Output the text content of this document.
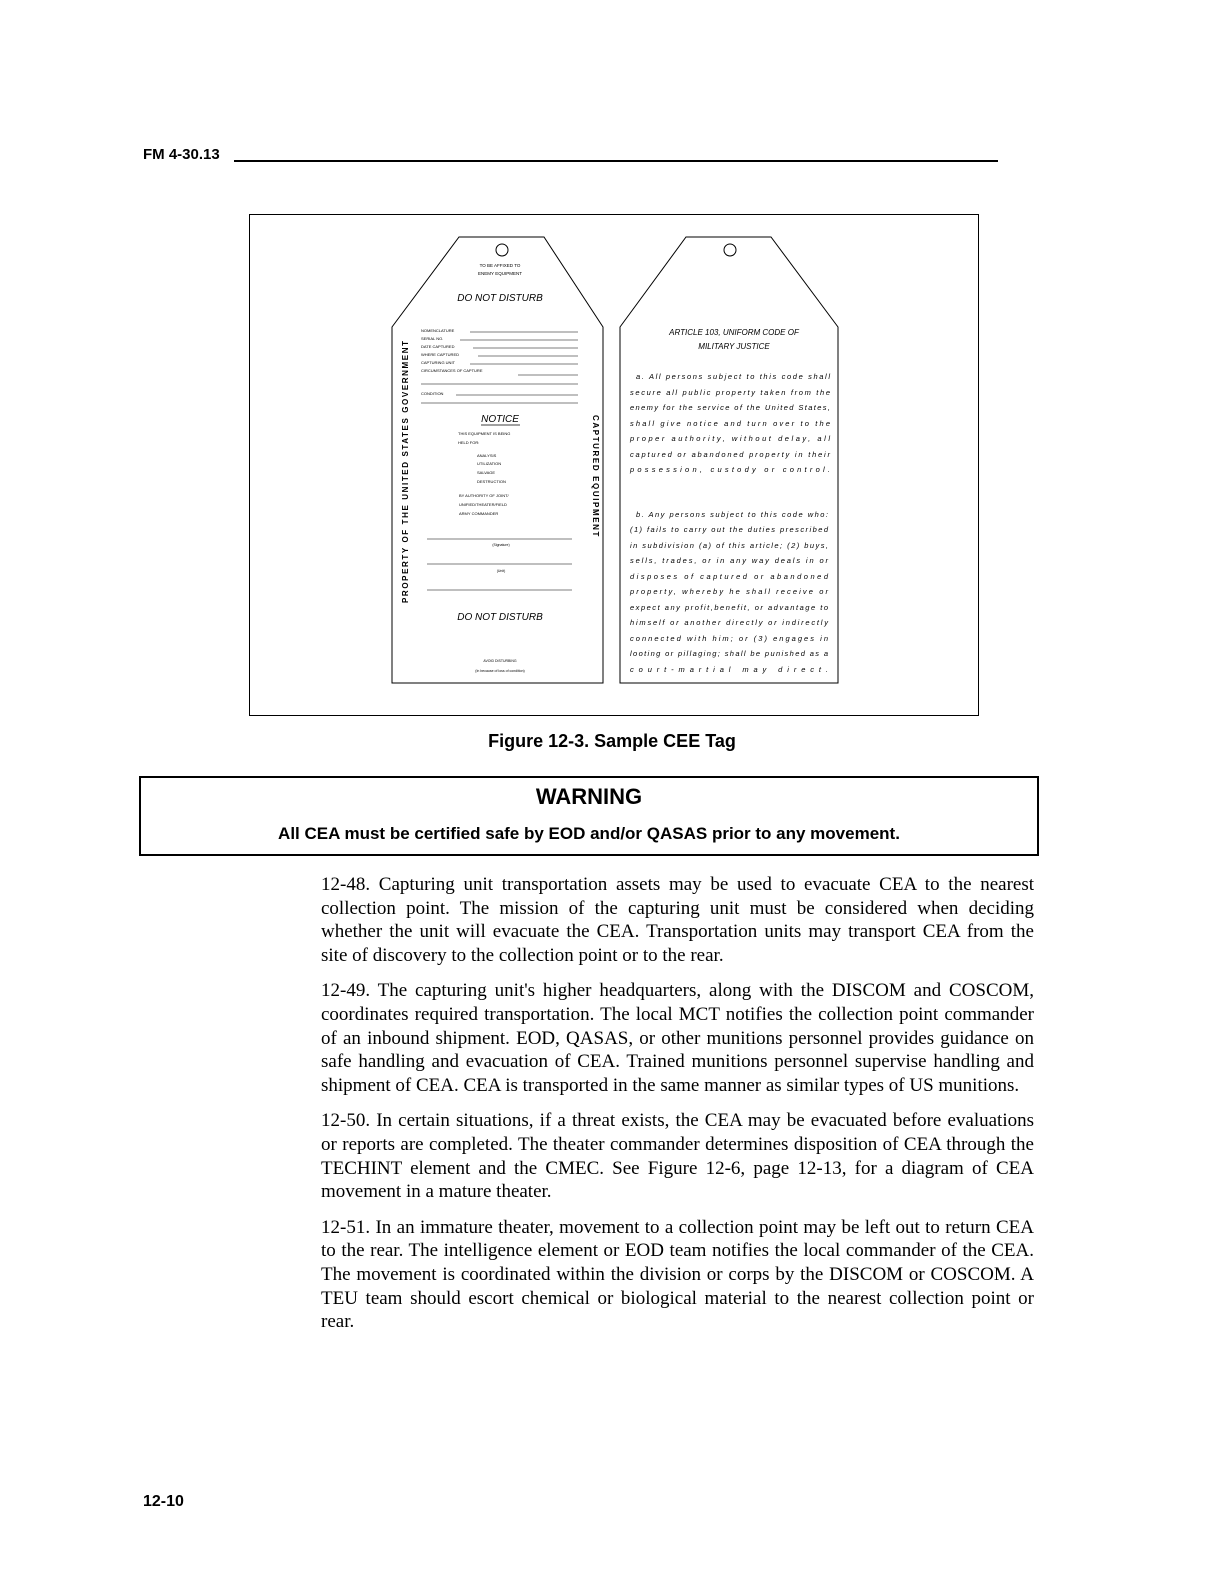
FM 4-30.13
TO BE AFFIXED TO
ENEMY EQUIPMENT
DO NOT DISTURB
NOMENCLATURE
SERIAL NO.
DATE CAPTURED
WHERE CAPTURED
CAPTURING UNIT
CIRCUMSTANCES OF CAPTURE
CONDITION
NOTICE
THIS EQUIPMENT IS BEING
HELD FOR:
ANALYSIS
UTILIZATION
SALVAGE
DESTRUCTION
BY AUTHORITY OF JOINT/
UNIFIED/THEATER/FIELD
ARMY COMMANDER
(Signature)
(Unit)
DO NOT DISTURB
AVOID DISTURBING
(In because of loss of condition)
PROPERTY OF THE UNITED STATES GOVERNMENT	CAPTURED EQUIPMENT
ARTICLE 103, UNIFORM CODE OF
MILITARY JUSTICE
a. All persons subject to this code shall
secure all public property taken from the
enemy for the service of the United States,
shall give notice and turn over to the
proper authority, without delay, all
captured or abandoned property in their
possession, custody or control.
b. Any persons subject to this code who:
(1) fails to carry out the duties prescribed
in subdivision (a) of this article; (2) buys,
sells, trades, or in any way deals in or
disposes of captured or abandoned
property, whereby he shall receive or
expect any profit,benefit, or advantage to
himself or another directly or indirectly
connected with him; or (3) engages in
looting or pillaging; shall be punished as a
court-martial may direct.
Figure 12-3. Sample CEE Tag
WARNING
All CEA must be certified safe by EOD and/or QASAS prior to any movement.

12-48. Capturing unit transportation assets may be used to evacuate CEA to the nearest collection point. The mission of the capturing unit must be considered when deciding whether the unit will evacuate the CEA. Transportation units may transport CEA from the site of discovery to the collection point or to the rear.

12-49. The capturing unit's higher headquarters, along with the DISCOM and COSCOM, coordinates required transportation. The local MCT notifies the collection point commander of an inbound shipment. EOD, QASAS, or other munitions personnel provides guidance on safe handling and evacuation of CEA. Trained munitions personnel supervise handling and shipment of CEA. CEA is transported in the same manner as similar types of US munitions.

12-50. In certain situations, if a threat exists, the CEA may be evacuated before evaluations or reports are completed. The theater commander determines disposition of CEA through the TECHINT element and the CMEC. See Figure 12-6, page 12-13, for a diagram of CEA movement in a mature theater.

12-51. In an immature theater, movement to a collection point may be left out to return CEA to the rear. The intelligence element or EOD team notifies the local commander of the CEA. The movement is coordinated within the division or corps by the DISCOM or COSCOM. A TEU team should escort chemical or biological material to the nearest collection point or rear.

12-10
